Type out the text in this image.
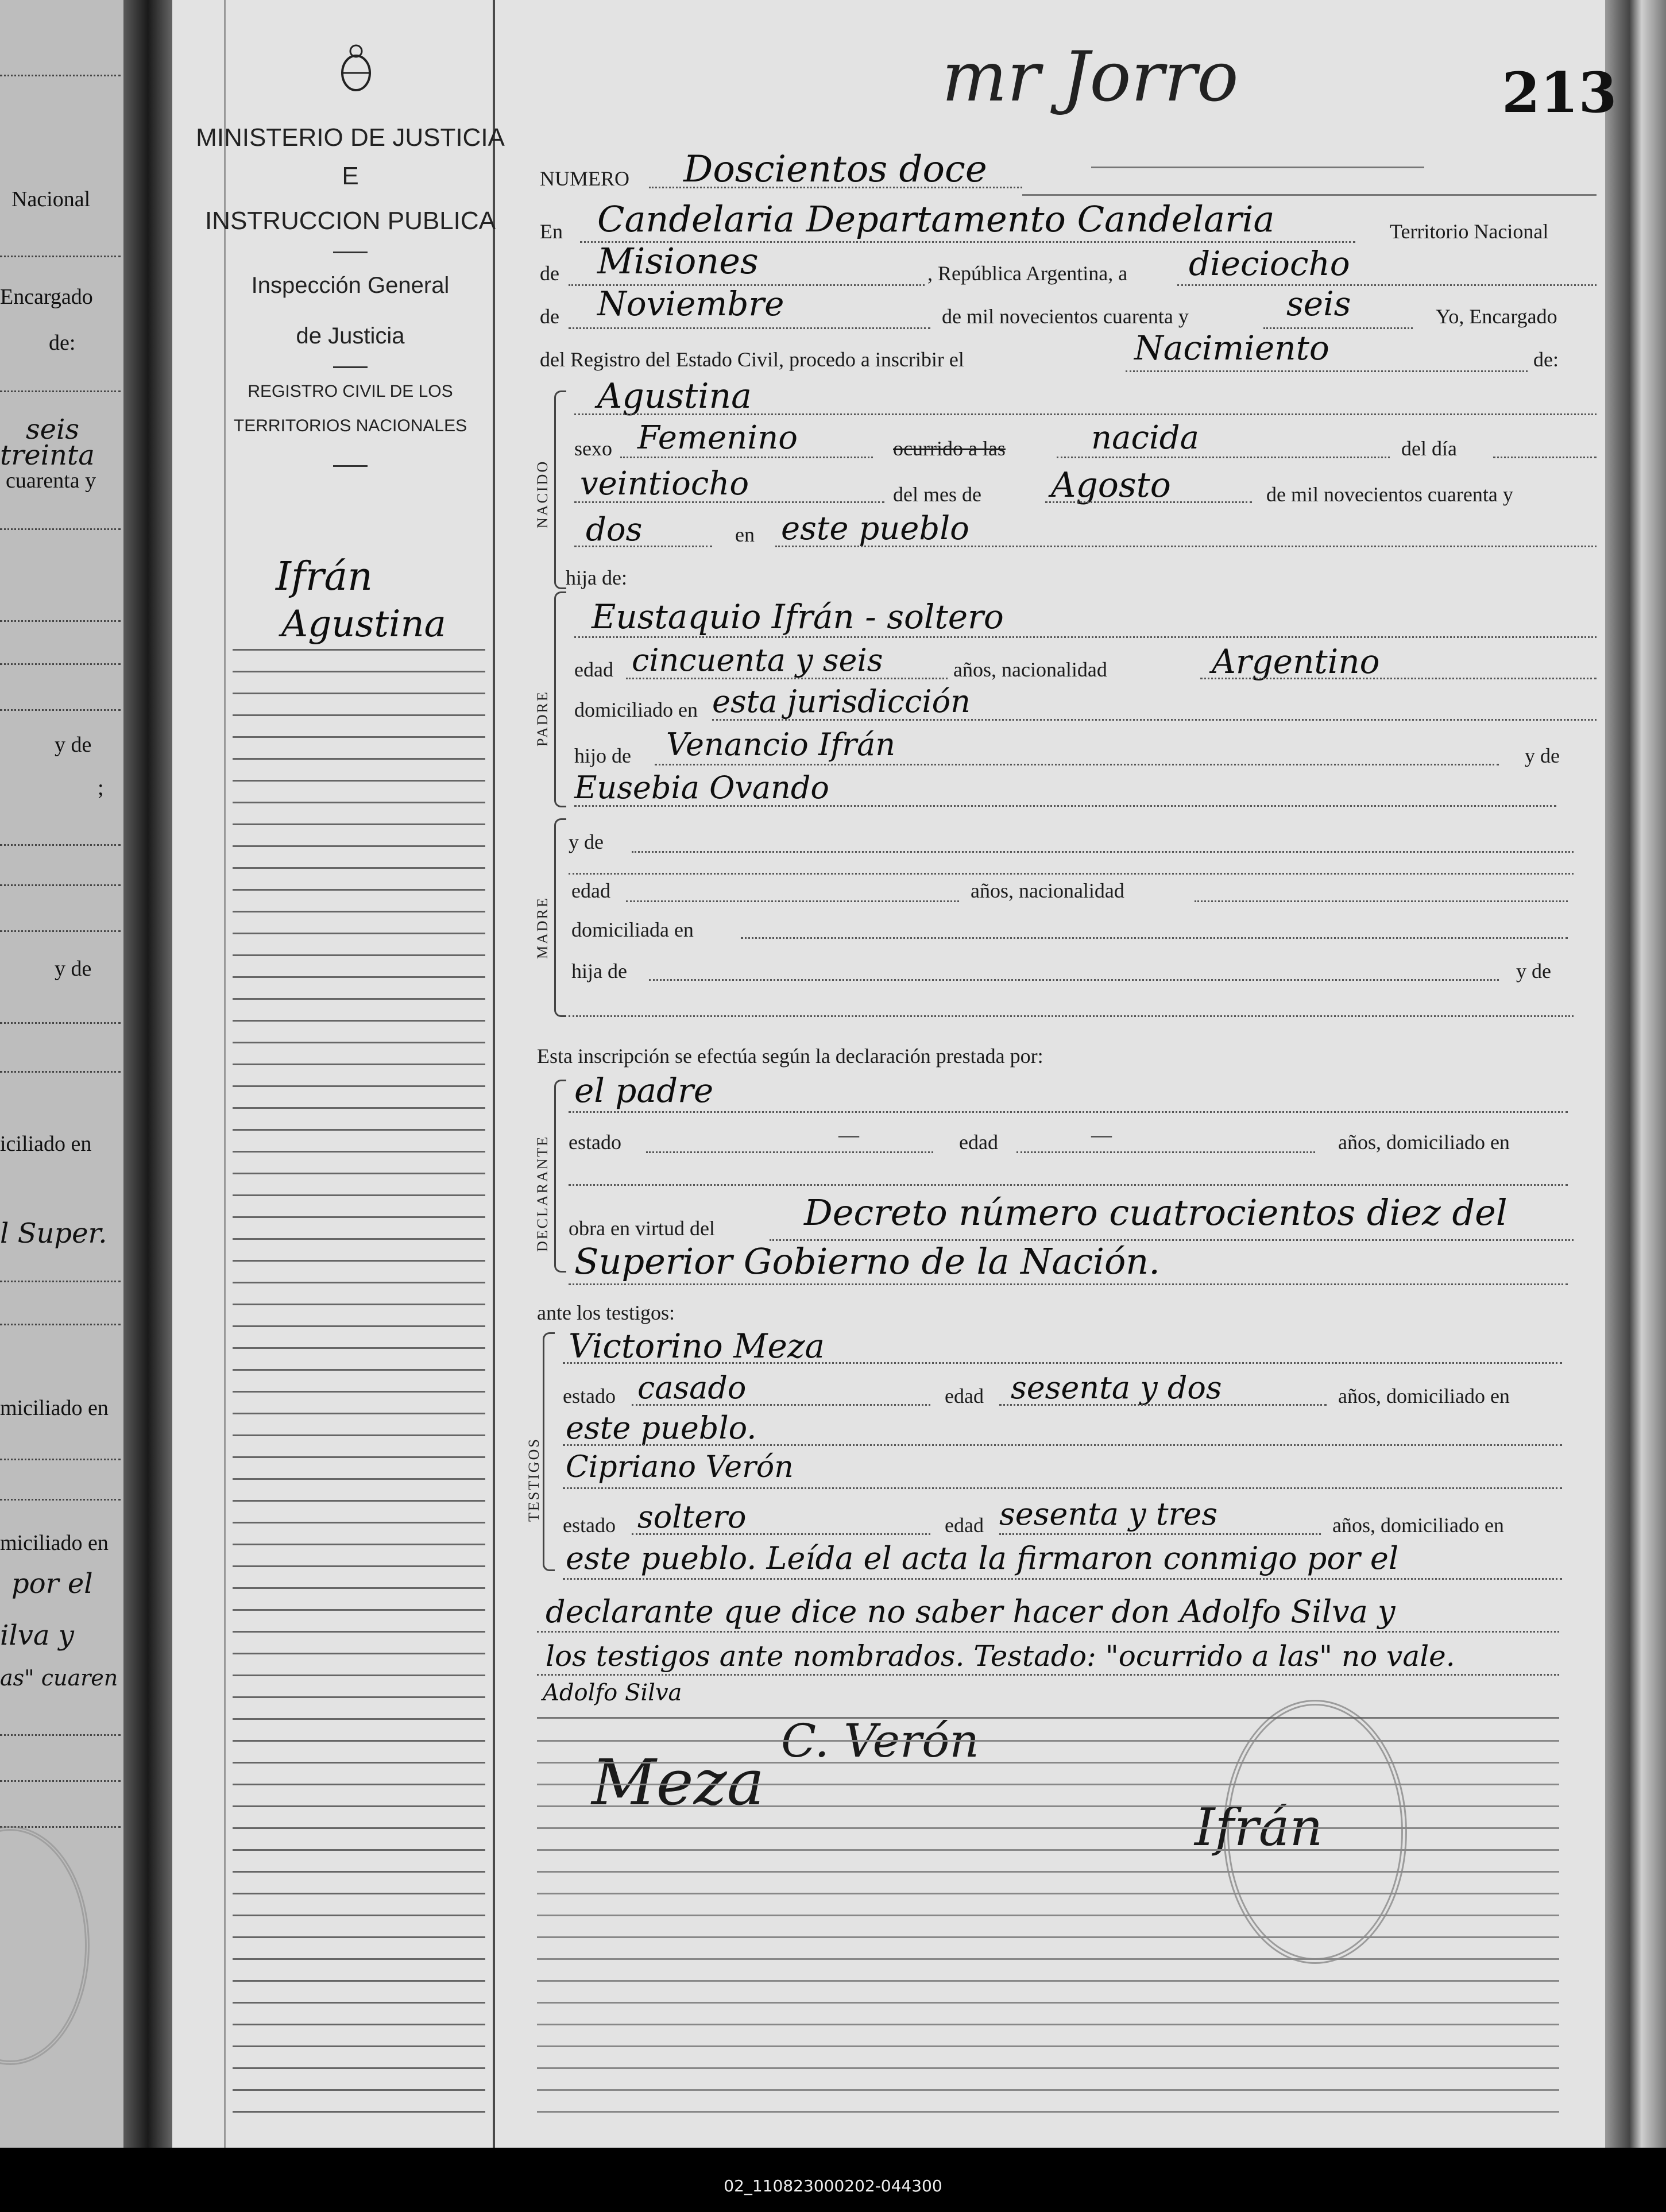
Nacional
Encargado
de:
seis
treinta
cuarenta y
y de
;
y de
iciliado en
l Super.
miciliado en
miciliado en
por el
ilva y
as" cuaren
MINISTERIO DE JUSTICIA
E
INSTRUCCION PUBLICA
Inspección General
de Justicia
REGISTRO CIVIL DE LOS
TERRITORIOS NACIONALES
Ifrán
Agustina
mr Jorro	213
NUMERO Doscientos doce
En Candelaria Departamento Candelaria	Territorio Nacional
de Misiones	, República Argentina, a dieciocho
de Noviembre	de mil novecientos cuarenta y	seis	Yo, Encargado
del Registro del Estado Civil, procedo a inscribir el	Nacimiento	de:
NACIDO
Agustina
sexo Femenino	ocurrido a las	nacida	del día
veintiocho	del mes de Agosto	de mil novecientos cuarenta y
dos	en este pueblo
hija de:
PADRE
Eustaquio Ifrán - soltero
edad cincuenta y seis	años, nacionalidad	Argentino
domiciliado en esta jurisdicción
hijo de Venancio Ifrán	y de
Eusebia Ovando
MADRE
y de
edad	años, nacionalidad
domiciliada en
hija de	y de
Esta inscripción se efectúa según la declaración prestada por:
DECLARANTE
el padre
estado	—	edad	—	años, domiciliado en
obra en virtud del	Decreto número cuatrocientos diez del
Superior Gobierno de la Nación.
ante los testigos:
TESTIGOS
Victorino Meza
estado casado	edad sesenta y dos	años, domiciliado en
este pueblo.
Cipriano Verón
estado soltero	edad sesenta y tres	años, domiciliado en
este pueblo. Leída el acta la firmaron conmigo por el
declarante que dice no saber hacer don Adolfo Silva y
los testigos ante nombrados. Testado: "ocurrido a las" no vale.
Adolfo Silva
Meza
C. Verón
Ifrán
02_110823000202-044300
